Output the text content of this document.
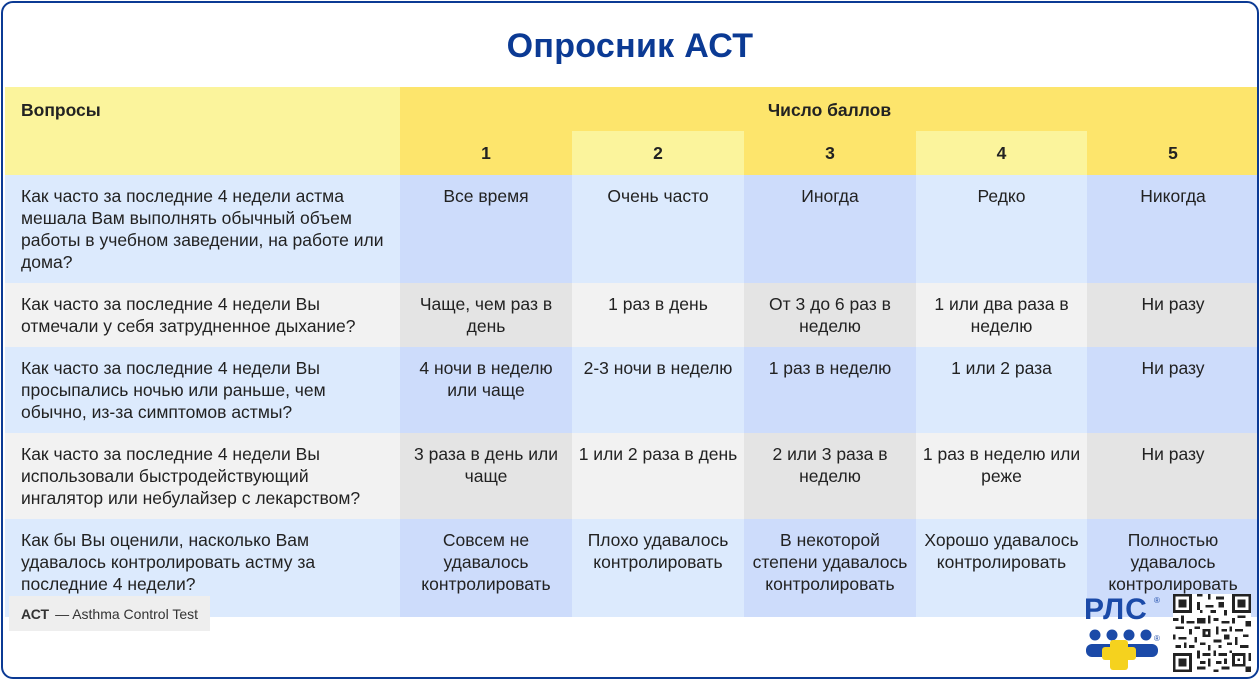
Опросник АСТ
Вопросы	Число баллов				
	1	2	3	4	5
Как часто за последние 4 недели астма мешала Вам выполнять обычный объем работы в учебном заведении, на работе или дома?	Все время	Очень часто	Иногда	Редко	Никогда
Как часто за последние 4 недели Вы отмечали у себя затрудненное дыхание?	Чаще, чем раз в день	1 раз в день	От 3 до 6 раз в неделю	1 или два раза в неделю	Ни разу
Как часто за последние 4 недели Вы просыпались ночью или раньше, чем обычно, из-за симптомов астмы?	4 ночи в неделю или чаще	2-3 ночи в неделю	1 раз в неделю	1 или 2 раза	Ни разу
Как часто за последние 4 недели Вы использовали быстродействующий ингалятор или небулайзер с лекарством?	3 раза в день или чаще	1 или 2 раза в день	2 или 3 раза в неделю	1 раз в неделю или реже	Ни разу
Как бы Вы оценили, насколько Вам удавалось контролировать астму за последние 4 недели?	Совсем не удавалось контролировать	Плохо удавалось контролировать	В некоторой степени удавалось контролировать	Хорошо удавалось контролировать	Полностью удавалось контролировать
АСТ — Asthma Control Test	РЛС ®
®
